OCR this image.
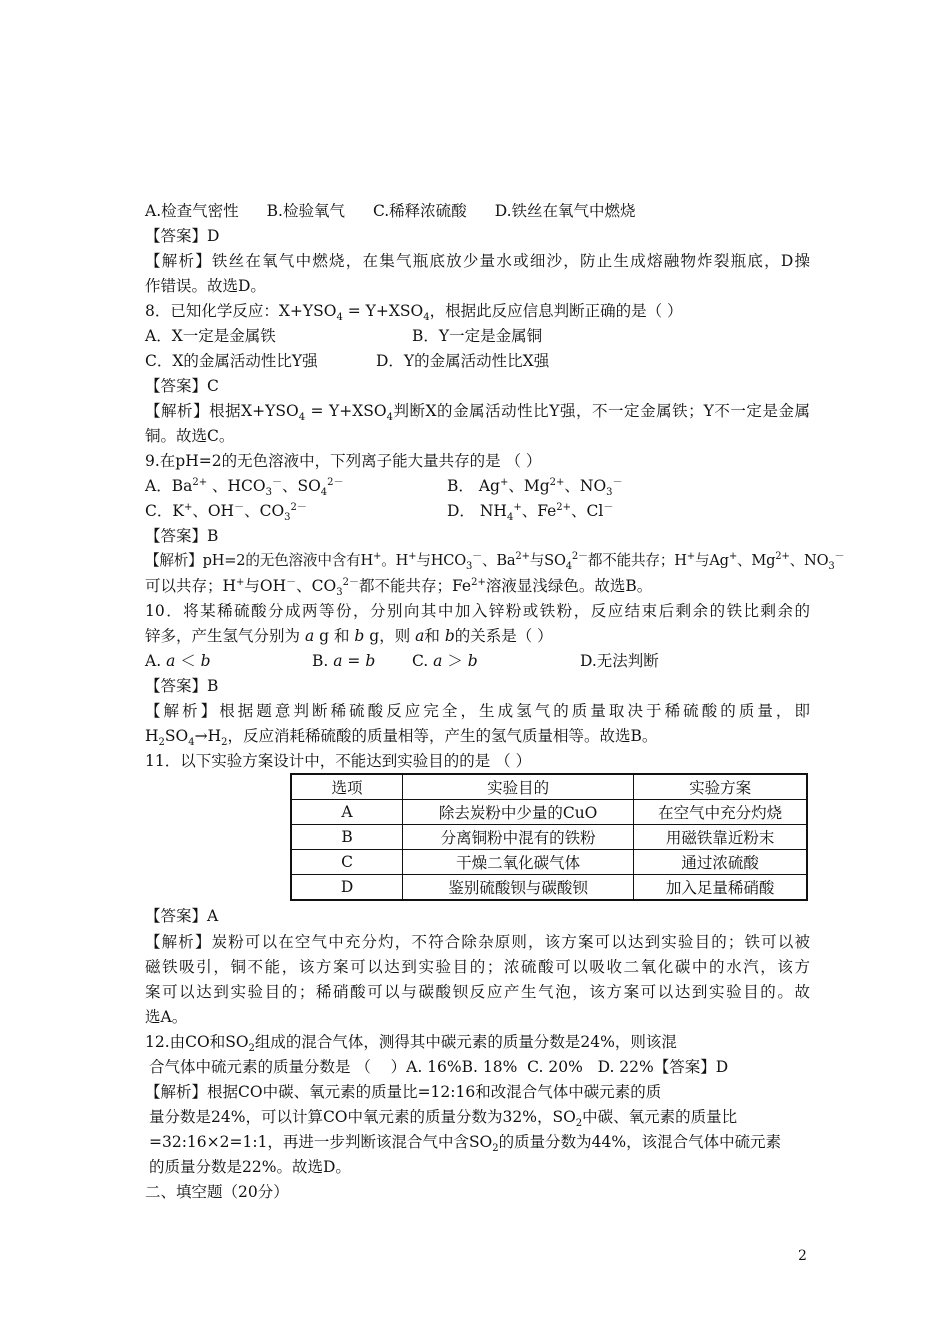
A.检查气密性 B.检验氧气 C.稀释浓硫酸 D.铁丝在氧气中燃烧
【答案】D
【解析】铁丝在氧气中燃烧，在集气瓶底放少量水或细沙，防止生成熔融物炸裂瓶底，D操
作错误。故选D。
8．已知化学反应：$X+YSO_4 = Y+XSO_4$，根据此反应信息判断正确的是（ ）
A．X一定是金属铁	B．Y一定是金属铜
C．X的金属活动性比Y强	D．Y的金属活动性比X强
【答案】C
【解析】根据$X+YSO_4 = Y+XSO_4$判断X的金属活动性比Y强，不一定金属铁；Y不一定是金属
铜。故选C。
9.在pH=2的无色溶液中，下列离子能大量共存的是 （ ）
A．$Ba^{2+}$ 、$HCO_3^-$、$SO_4^{2-}$	B． Ag+、$Mg^{2+}$、$NO_3^-$
C．K+、OH－、$CO_3^{2-}$	D． $NH_4^+$、$Fe^{2+}$、Cl－
【答案】B
【解析】pH=2的无色溶液中含有H+。H+与$HCO_3^-$、$Ba^{2+}$与$SO_4^{2-}$都不能共存；H+与Ag+、$Mg^{2+}$、$NO_3^-$
可以共存；H+与OH－、$CO_3^{2-}$都不能共存；$Fe^{2+}$溶液显浅绿色。故选B。
10．将某稀硫酸分成两等份，分别向其中加入锌粉或铁粉，反应结束后剩余的铁比剩余的
锌多，产生氢气分别为 a g 和 b g，则 a和 b的关系是（ ）
A. a ＜ b	B. a = b C. a ＞ b	D.无法判断
【答案】B
【解析】根据题意判断稀硫酸反应完全，生成氢气的质量取决于稀硫酸的质量，即
$H_2SO_4\to H_2$，反应消耗稀硫酸的质量相等，产生的氢气质量相等。故选B。
11．以下实验方案设计中，不能达到实验目的的是 （ ）
选项	实验目的	实验方案
A	除去炭粉中少量的CuO	在空气中充分灼烧
B	分离铜粉中混有的铁粉	用磁铁靠近粉末
C	干燥二氧化碳气体	通过浓硫酸
D	鉴别硫酸钡与碳酸钡	加入足量稀硝酸
【答案】A
【解析】炭粉可以在空气中充分灼，不符合除杂原则，该方案可以达到实验目的；铁可以被
磁铁吸引，铜不能，该方案可以达到实验目的；浓硫酸可以吸收二氧化碳中的水汽，该方
案可以达到实验目的；稀硝酸可以与碳酸钡反应产生气泡，该方案可以达到实验目的。故
选A。
12.由CO和$SO_2$组成的混合气体，测得其中碳元素的质量分数是24%，则该混
合气体中硫元素的质量分数是 （    ）A. 16%B. 18%  C. 20%   D. 22%【答案】D
【解析】根据CO中碳、氧元素的质量比=12:16和改混合气体中碳元素的质
量分数是24%，可以计算CO中氧元素的质量分数为32%，$SO_2$中碳、氧元素的质量比
=32:16×2=1:1，再进一步判断该混合气中含$SO_2$的质量分数为44%，该混合气体中硫元素
的质量分数是22%。故选D。
二、填空题（20分）
2
